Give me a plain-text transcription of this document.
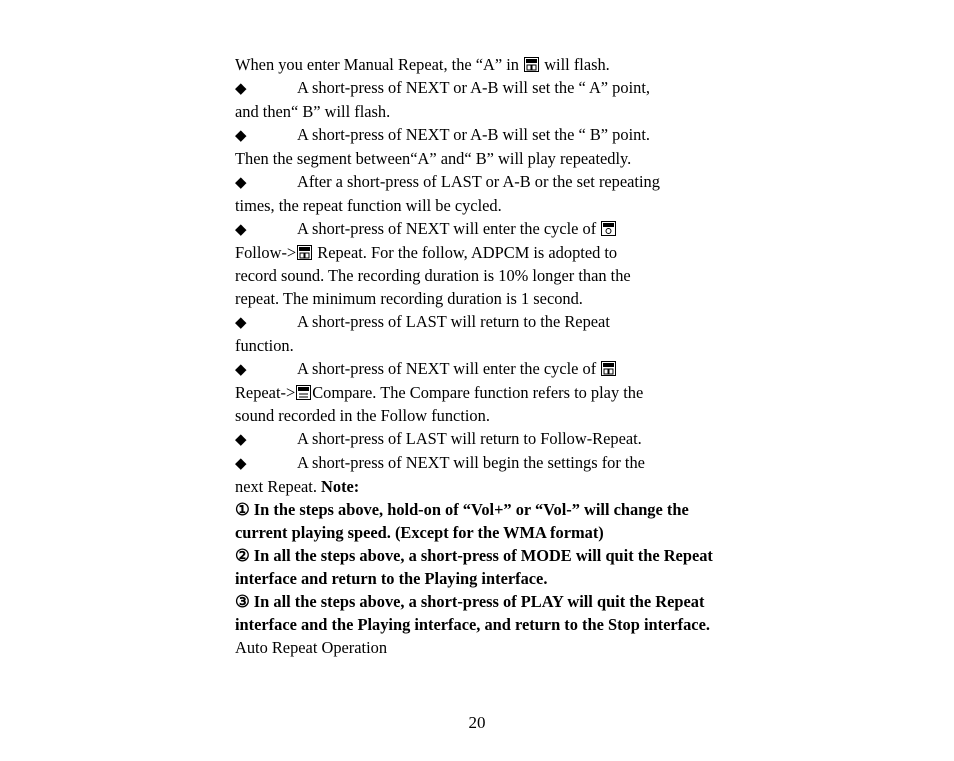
When you enter Manual Repeat, the “A” in will flash.

◆	A short-press of NEXT or A-B will set the “ A” point,
and then“ B” will flash.

◆	A short-press of NEXT or A-B will set the “ B” point.
Then the segment between“A” and“ B” will play repeatedly.

◆	After a short-press of LAST or A-B or the set repeating
times, the repeat function will be cycled.

◆	A short-press of NEXT will enter the cycle of
Follow-> Repeat. For the follow, ADPCM is adopted to
record sound. The recording duration is 10% longer than the
repeat. The minimum recording duration is 1 second.

◆	A short-press of LAST will return to the Repeat
function.

◆	A short-press of NEXT will enter the cycle of
Repeat-> Compare. The Compare function refers to play the
sound recorded in the Follow function.

◆	A short-press of LAST will return to Follow-Repeat.

◆	A short-press of NEXT will begin the settings for the
next Repeat. Note:

① In the steps above, hold-on of “Vol+” or “Vol-” will change the current playing speed. (Except for the WMA format)

② In all the steps above, a short-press of MODE will quit the Repeat interface and return to the Playing interface.

③ In all the steps above, a short-press of PLAY will quit the Repeat interface and the Playing interface, and return to the Stop interface.

Auto Repeat Operation

20
